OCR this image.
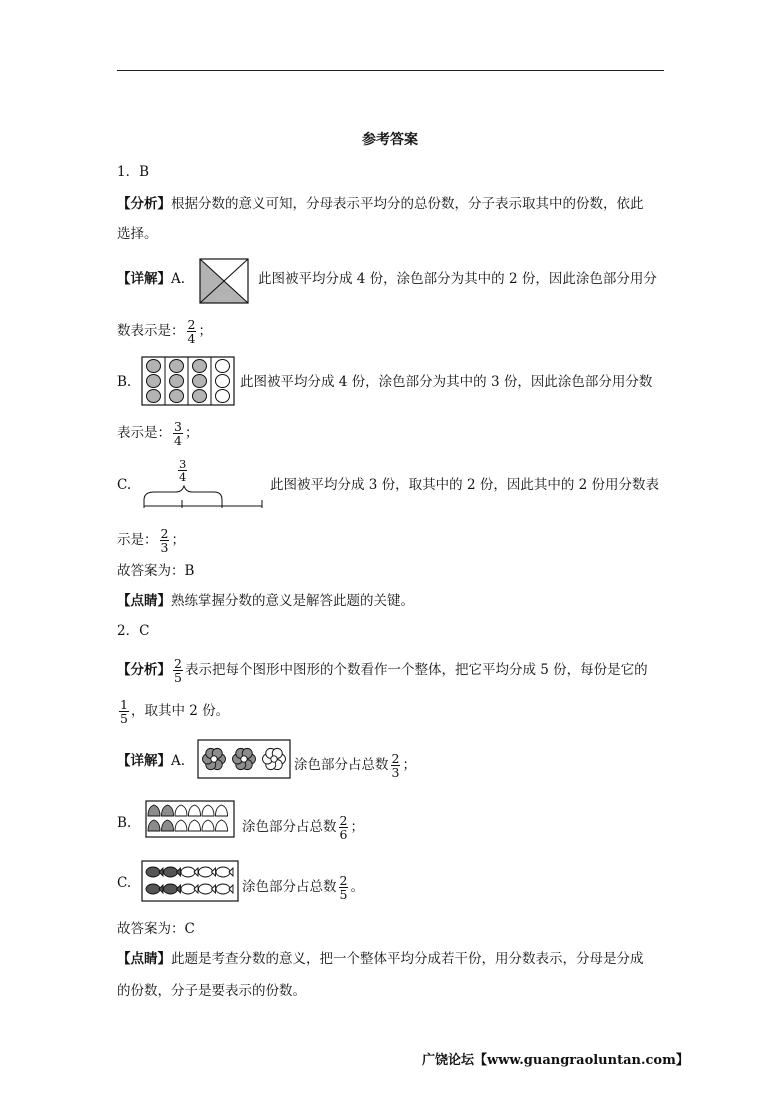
参考答案
1．B
【分析】根据分数的意义可知，分母表示平均分的总份数，分子表示取其中的份数，依此
选择。
【详解】A.	此图被平均分成 4 份，涂色部分为其中的 2 份，因此涂色部分用分
数表示是： $\frac{2}{4}$ ；
B.	此图被平均分成 4 份，涂色部分为其中的 3 份，因此涂色部分用分数
表示是： $\frac{3}{4}$ ；
C.
$\frac{3}{4}$
此图被平均分成 3 份，取其中的 2 份，因此其中的 2 份用分数表
示是： $\frac{2}{3}$ ；
故答案为：B
【点睛】熟练掌握分数的意义是解答此题的关键。
2．C
【分析】 $\frac{2}{5}$ 表示把每个图形中图形的个数看作一个整体，把它平均分成 5 份，每份是它的
$\frac{1}{5}$ ，取其中 2 份。
【详解】A.	涂色部分占总数 $\frac{2}{3}$ ；
B.	涂色部分占总数 $\frac{2}{6}$ ；
C.	涂色部分占总数 $\frac{2}{5}$ 。
故答案为：C
【点睛】此题是考查分数的意义，把一个整体平均分成若干份，用分数表示，分母是分成
的份数，分子是要表示的份数。
广饶论坛【www.guangraoluntan.com】
